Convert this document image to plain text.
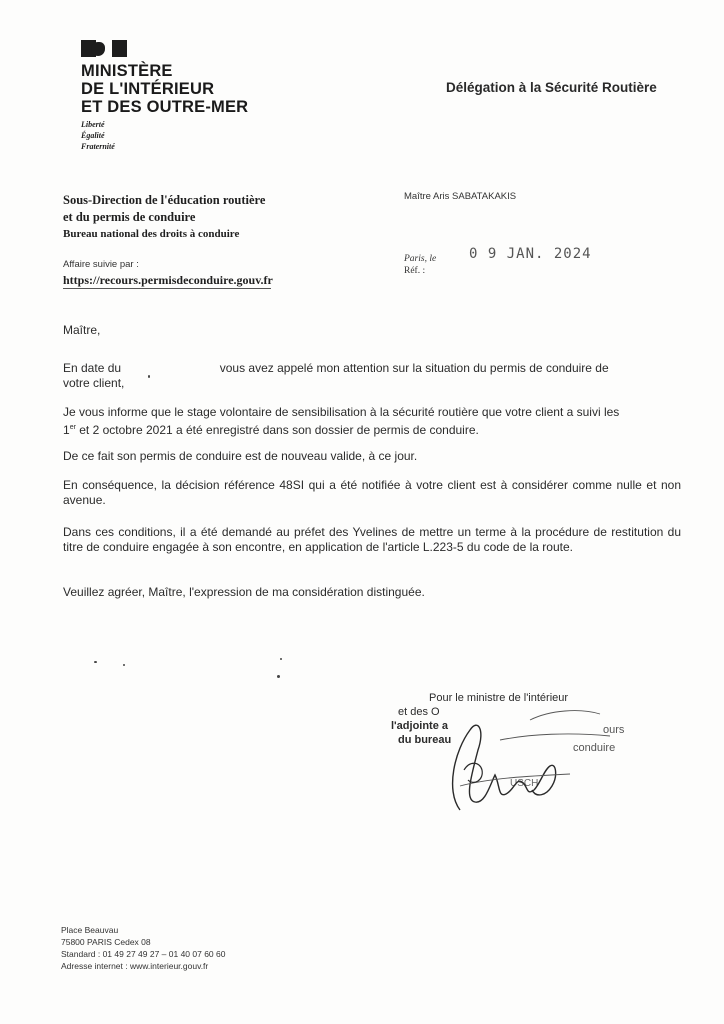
MINISTÈRE
DE L'INTÉRIEUR
ET DES OUTRE-MER
Liberté
Égalité
Fraternité
Délégation à la Sécurité Routière
Sous-Direction de l'éducation routière
et du permis de conduire
Bureau national des droits à conduire
Maître Aris SABATAKAKIS
Paris, le
Réf. :
0 9 JAN. 2024
Affaire suivie par :
https://recours.permisdeconduire.gouv.fr
Maître,
En date du	vous avez appelé mon attention sur la situation du permis de conduire de
votre client,
Je vous informe que le stage volontaire de sensibilisation à la sécurité routière que votre client a suivi les
1er et 2 octobre 2021 a été enregistré dans son dossier de permis de conduire.
De ce fait son permis de conduire est de nouveau valide, à ce jour.
En conséquence, la décision référence 48SI qui a été notifiée à votre client est à considérer comme nulle et non avenue.
Dans ces conditions, il a été demandé au préfet des Yvelines de mettre un terme à la procédure de restitution du titre de conduire engagée à son encontre, en application de l'article L.223-5 du code de la route.
Veuillez agréer, Maître, l'expression de ma considération distinguée.
Pour le ministre de l'intérieur
et des O
l'adjointe a	ours
du bureau
conduire
USCH
Place Beauvau
75800 PARIS Cedex 08
Standard : 01 49 27 49 27 – 01 40 07 60 60
Adresse internet : www.interieur.gouv.fr
